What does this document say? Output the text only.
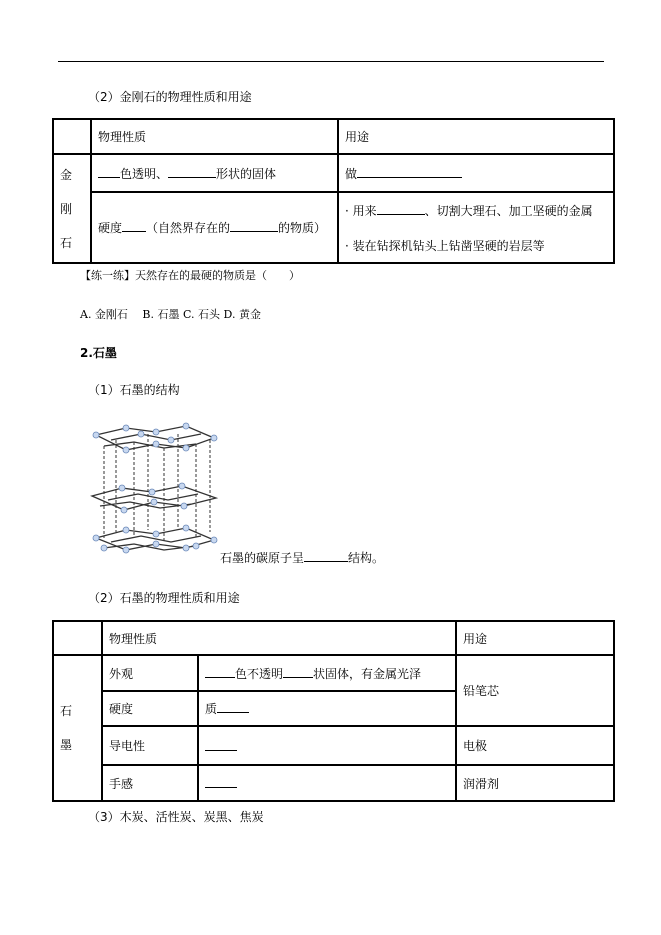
（2）金刚石的物理性质和用途
	物理性质	用途

金
刚
石	色透明、 形状的固体	做
	硬度 （自然界存在的 的物质）	· 用来 、切割大理石、加工坚硬的金属
· 装在钻探机钻头上钻凿坚硬的岩层等
【练一练】天然存在的最硬的物质是（　　）
A. 金刚石　 B. 石墨 C. 石头 D. 黄金
2.石墨
（1）石墨的结构
石墨的碳原子呈	结构。
（2）石墨的物理性质和用途
	物理性质		用途

石
墨	外观	色不透明 状固体，有金属光泽	铅笔芯
	硬度	质	
	导电性		电极
	手感		润滑剂
（3）木炭、活性炭、炭黑、焦炭
